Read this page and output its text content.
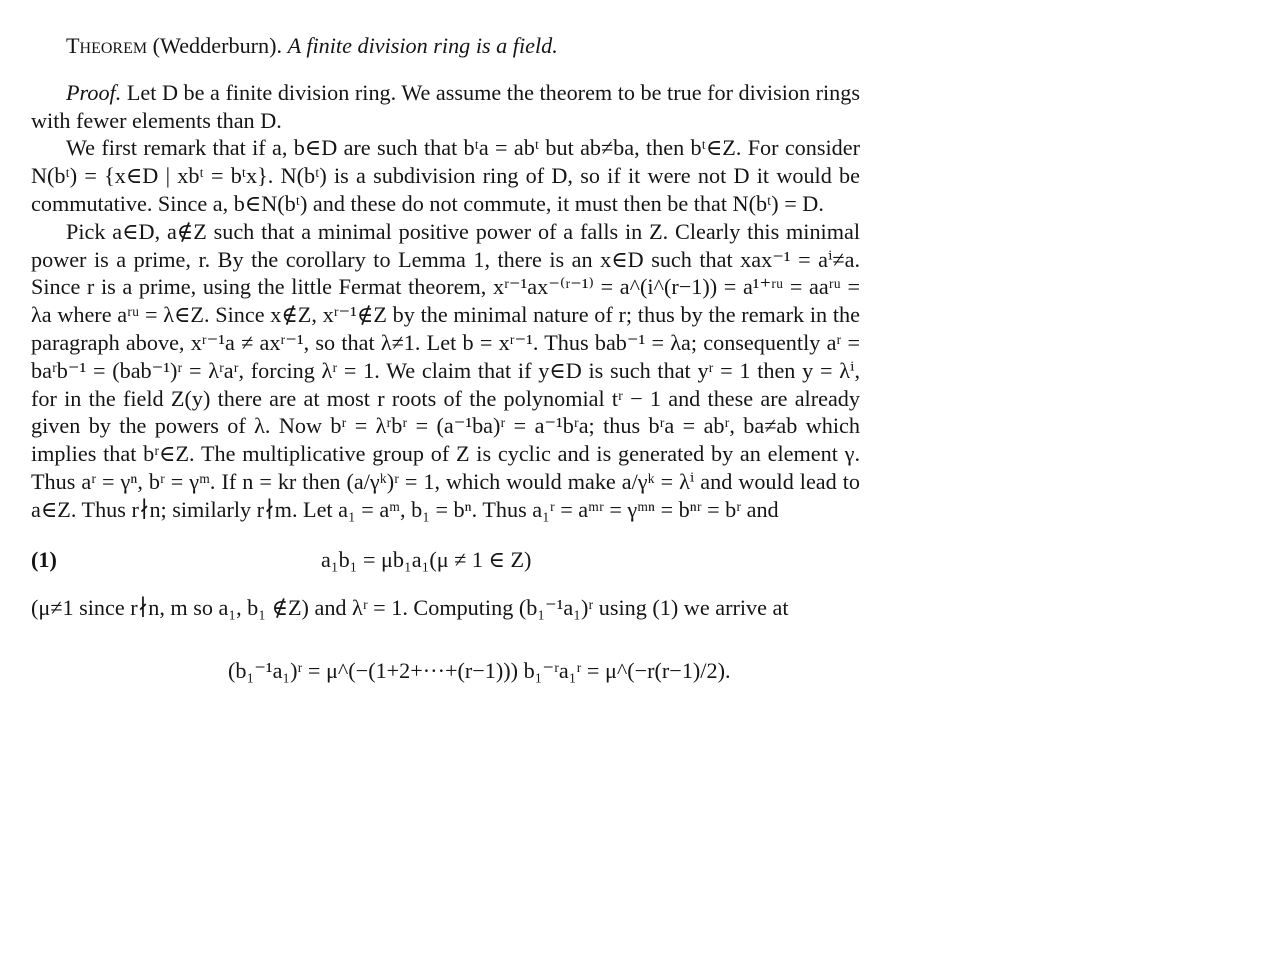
Theorem (Wedderburn). A finite division ring is a field.

Proof. Let D be a finite division ring. We assume the theorem to be true for division rings with fewer elements than D.

We first remark that if a, b∈D are such that bᵗa = abᵗ but ab≠ba, then bᵗ∈Z. For consider N(bᵗ) = {x∈D | xbᵗ = bᵗx}. N(bᵗ) is a subdivision ring of D, so if it were not D it would be commutative. Since a, b∈N(bᵗ) and these do not commute, it must then be that N(bᵗ) = D.

Pick a∈D, a∉Z such that a minimal positive power of a falls in Z. Clearly this minimal power is a prime, r. By the corollary to Lemma 1, there is an x∈D such that xax⁻¹ = aⁱ≠a. Since r is a prime, using the little Fermat theorem, xʳ⁻¹ax⁻⁽ʳ⁻¹⁾ = a^(i^(r−1)) = a¹⁺ʳᵘ = aaʳᵘ = λa where aʳᵘ = λ∈Z. Since x∉Z, xʳ⁻¹∉Z by the minimal nature of r; thus by the remark in the paragraph above, xʳ⁻¹a ≠ axʳ⁻¹, so that λ≠1. Let b = xʳ⁻¹. Thus bab⁻¹ = λa; consequently aʳ = baʳb⁻¹ = (bab⁻¹)ʳ = λʳaʳ, forcing λʳ = 1. We claim that if y∈D is such that yʳ = 1 then y = λⁱ, for in the field Z(y) there are at most r roots of the polynomial tʳ − 1 and these are already given by the powers of λ. Now bʳ = λʳbʳ = (a⁻¹ba)ʳ = a⁻¹bʳa; thus bʳa = abʳ, ba≠ab which implies that bʳ∈Z. The multiplicative group of Z is cyclic and is generated by an element γ. Thus aʳ = γⁿ, bʳ = γᵐ. If n = kr then (a/γᵏ)ʳ = 1, which would make a/γᵏ = λⁱ and would lead to a∈Z. Thus r∤n; similarly r∤m. Let a₁ = aᵐ, b₁ = bⁿ. Thus a₁ʳ = aᵐʳ = γᵐⁿ = bⁿʳ = bʳ and

(1)	a₁b₁ = μb₁a₁(μ ≠ 1 ∈ Z)

(μ≠1 since r∤n, m so a₁, b₁ ∉Z) and λʳ = 1. Computing (b₁⁻¹a₁)ʳ using (1) we arrive at

(b₁⁻¹a₁)ʳ = μ^(−(1+2+···+(r−1))) b₁⁻ʳa₁ʳ = μ^(−r(r−1)/2).
